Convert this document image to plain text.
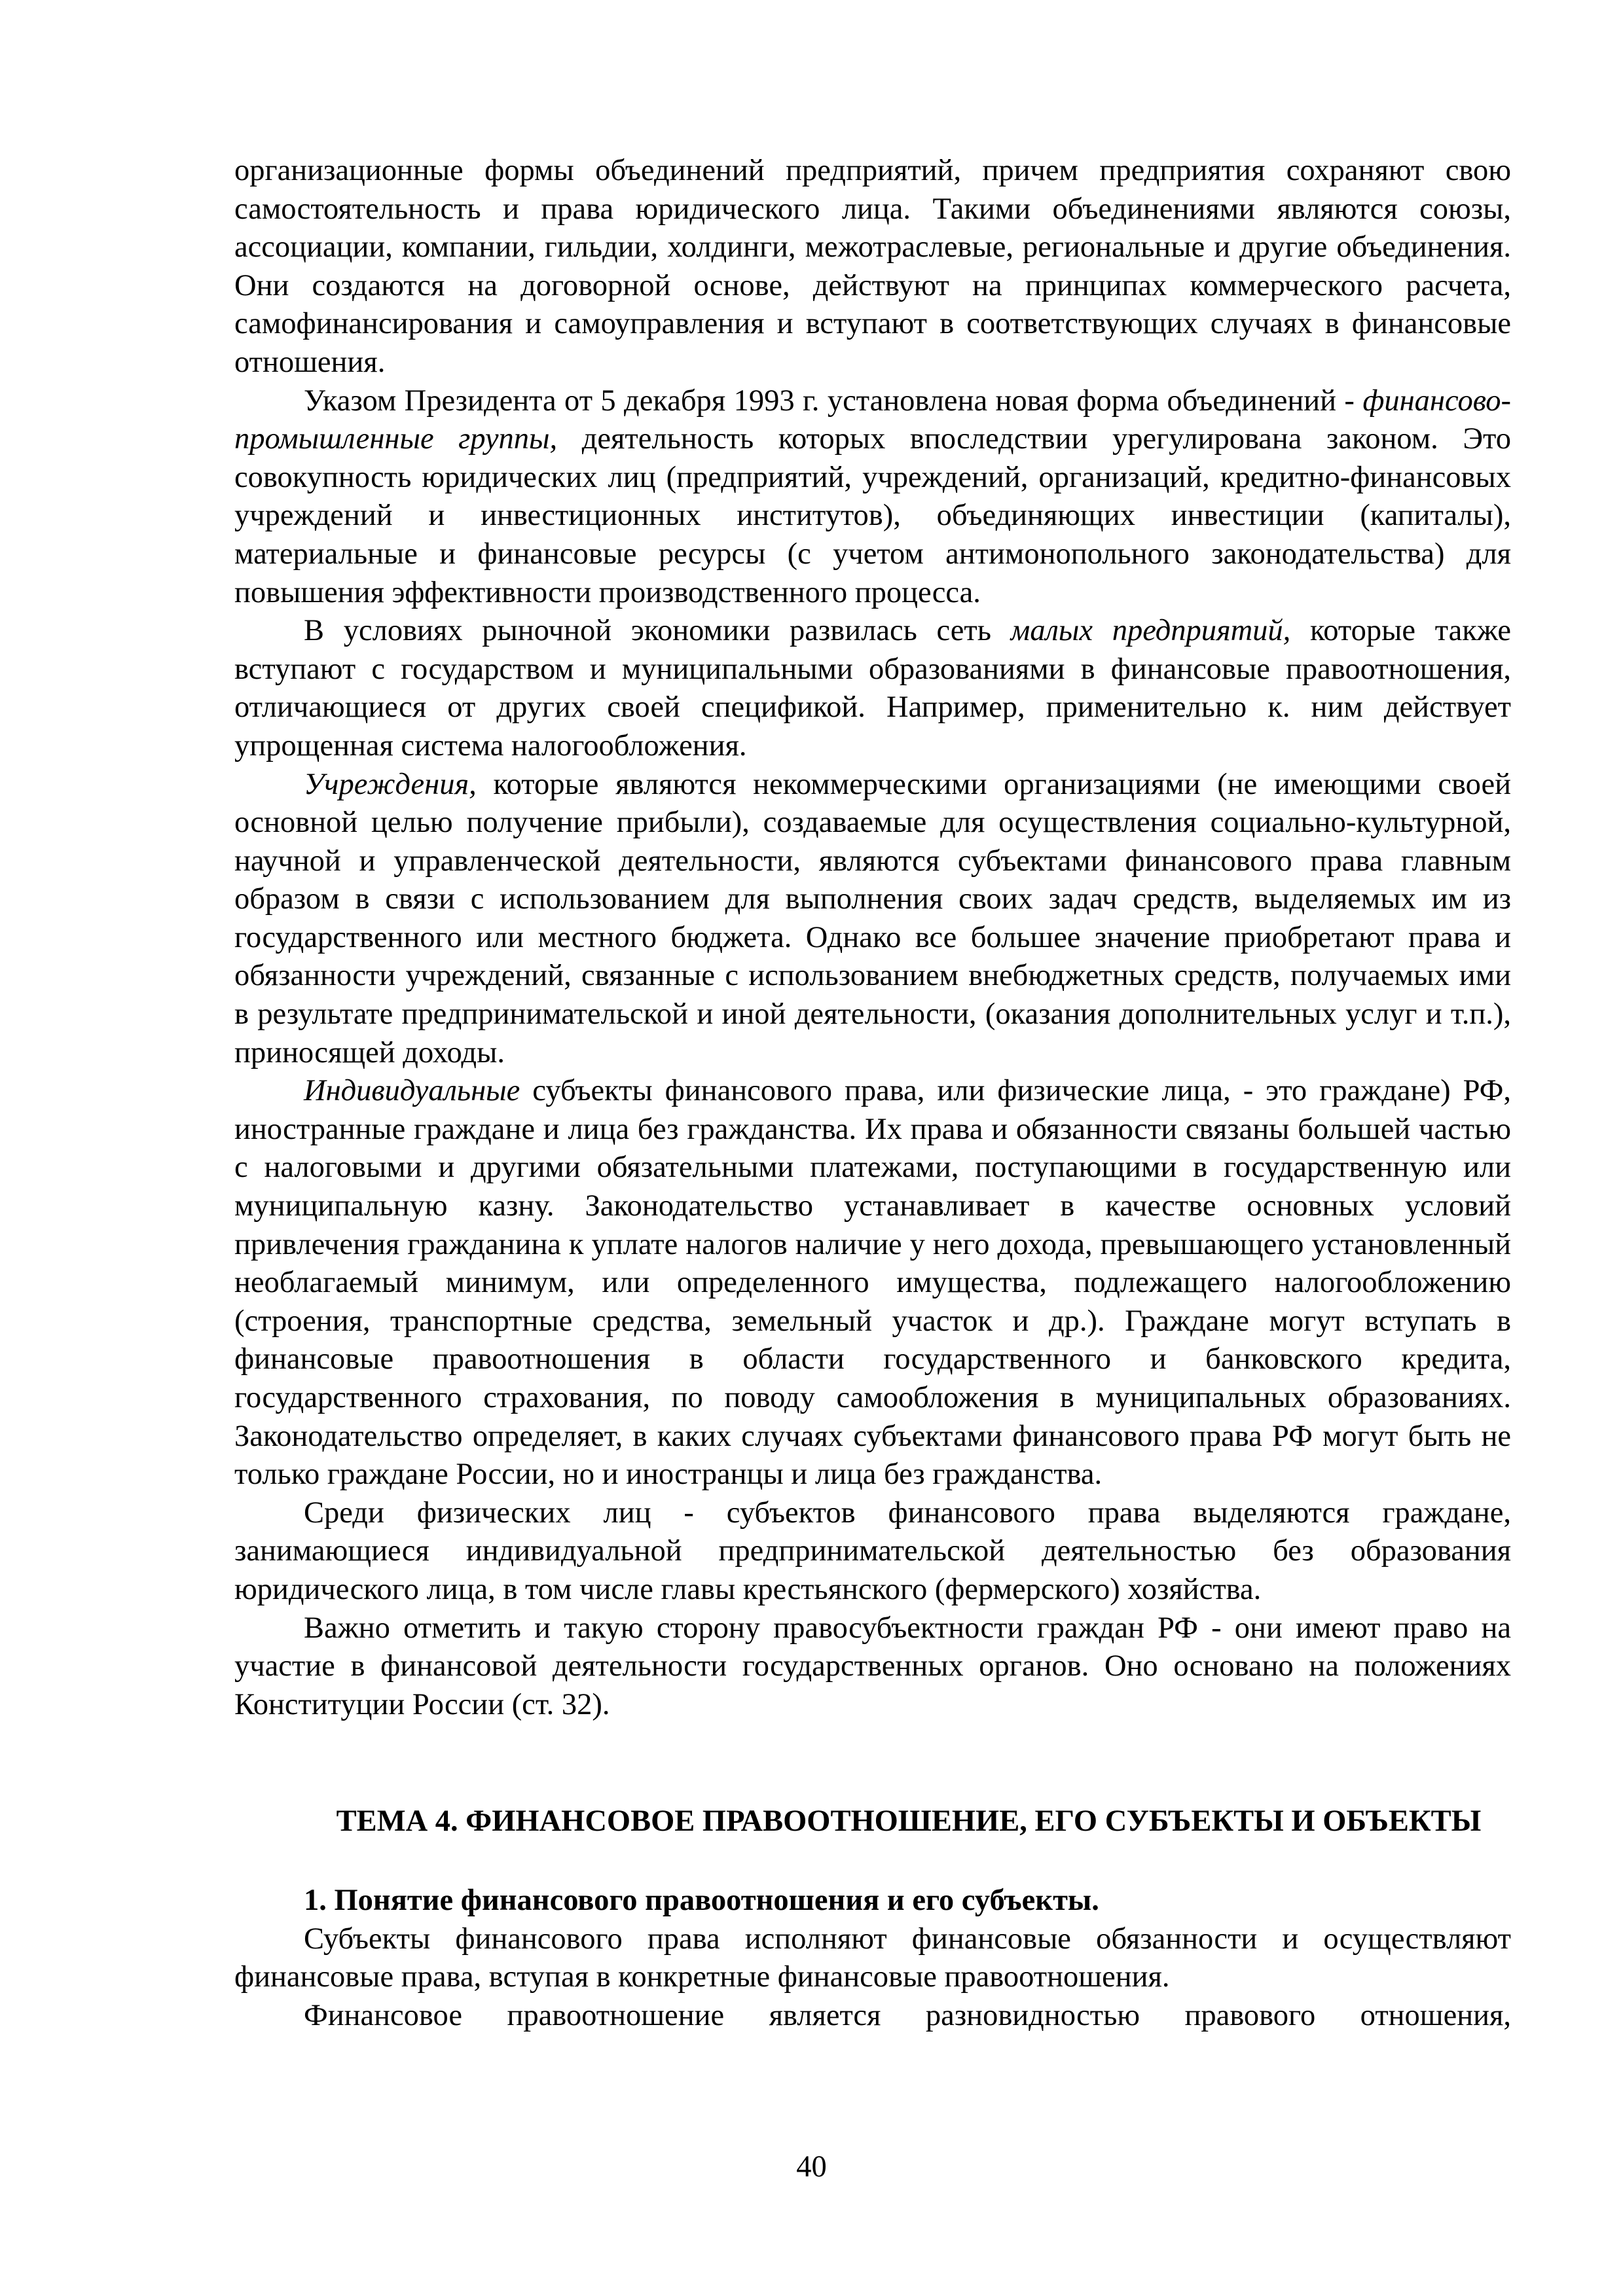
организационные формы объединений предприятий, причем предприятия сохраняют свою самостоятельность и права юридического лица. Такими объединениями являются союзы, ассоциации, компании, гильдии, холдинги, межотраслевые, региональные и другие объединения. Они создаются на договорной основе, действуют на принципах коммерческого расчета, самофинансирования и самоуправления и вступают в соответствующих случаях в финансовые отношения.

Указом Президента от 5 декабря 1993 г. установлена новая форма объединений - финансово-промышленные группы, деятельность которых впоследствии урегулирована законом. Это совокупность юридических лиц (предприятий, учреждений, организаций, кредитно-финансовых учреждений и инвестиционных институтов), объединяющих инвестиции (капиталы), материальные и финансовые ресурсы (с учетом антимонопольного законодательства) для повышения эффективности производственного процесса.

В условиях рыночной экономики развилась сеть малых предприятий, которые также вступают с государством и муниципальными образованиями в финансовые правоотношения, отличающиеся от других своей спецификой. Например, применительно к. ним действует упрощенная система налогообложения.

Учреждения, которые являются некоммерческими организациями (не имеющими своей основной целью получение прибыли), создаваемые для осуществления социально-культурной, научной и управленческой деятельности, являются субъектами финансового права главным образом в связи с использованием для выполнения своих задач средств, выделяемых им из государственного или местного бюджета. Однако все большее значение приобретают права и обязанности учреждений, связанные с использованием внебюджетных средств, получаемых ими в результате предпринимательской и иной деятельности, (оказания дополнительных услуг и т.п.), приносящей доходы.

Индивидуальные субъекты финансового права, или физические лица, - это граждане) РФ, иностранные граждане и лица без гражданства. Их права и обязанности связаны большей частью с налоговыми и другими обязательными платежами, поступающими в государственную или муниципальную казну. Законодательство устанавливает в качестве основных условий привлечения гражданина к уплате налогов наличие у него дохода, превышающего установленный необлагаемый минимум, или определенного имущества, подлежащего налогообложению (строения, транспортные средства, земельный участок и др.). Граждане могут вступать в финансовые правоотношения в области государственного и банковского кредита, государственного страхования, по поводу самообложения в муниципальных образованиях. Законодательство определяет, в каких случаях субъектами финансового права РФ могут быть не только граждане России, но и иностранцы и лица без гражданства.

Среди физических лиц - субъектов финансового права выделяются граждане, занимающиеся индивидуальной предпринимательской деятельностью без образования юридического лица, в том числе главы крестьянского (фермерского) хозяйства.

Важно отметить и такую сторону правосубъектности граждан РФ - они имеют право на участие в финансовой деятельности государственных органов. Оно основано на положениях Конституции России (ст. 32).

ТЕМА 4. ФИНАНСОВОЕ ПРАВООТНОШЕНИЕ, ЕГО СУБЪЕКТЫ И ОБЪЕКТЫ
1. Понятие финансового правоотношения и его субъекты.

Субъекты финансового права исполняют финансовые обязанности и осуществляют финансовые права, вступая в конкретные финансовые правоотношения.

Финансовое правоотношение является разновидностью правового отношения,

40
